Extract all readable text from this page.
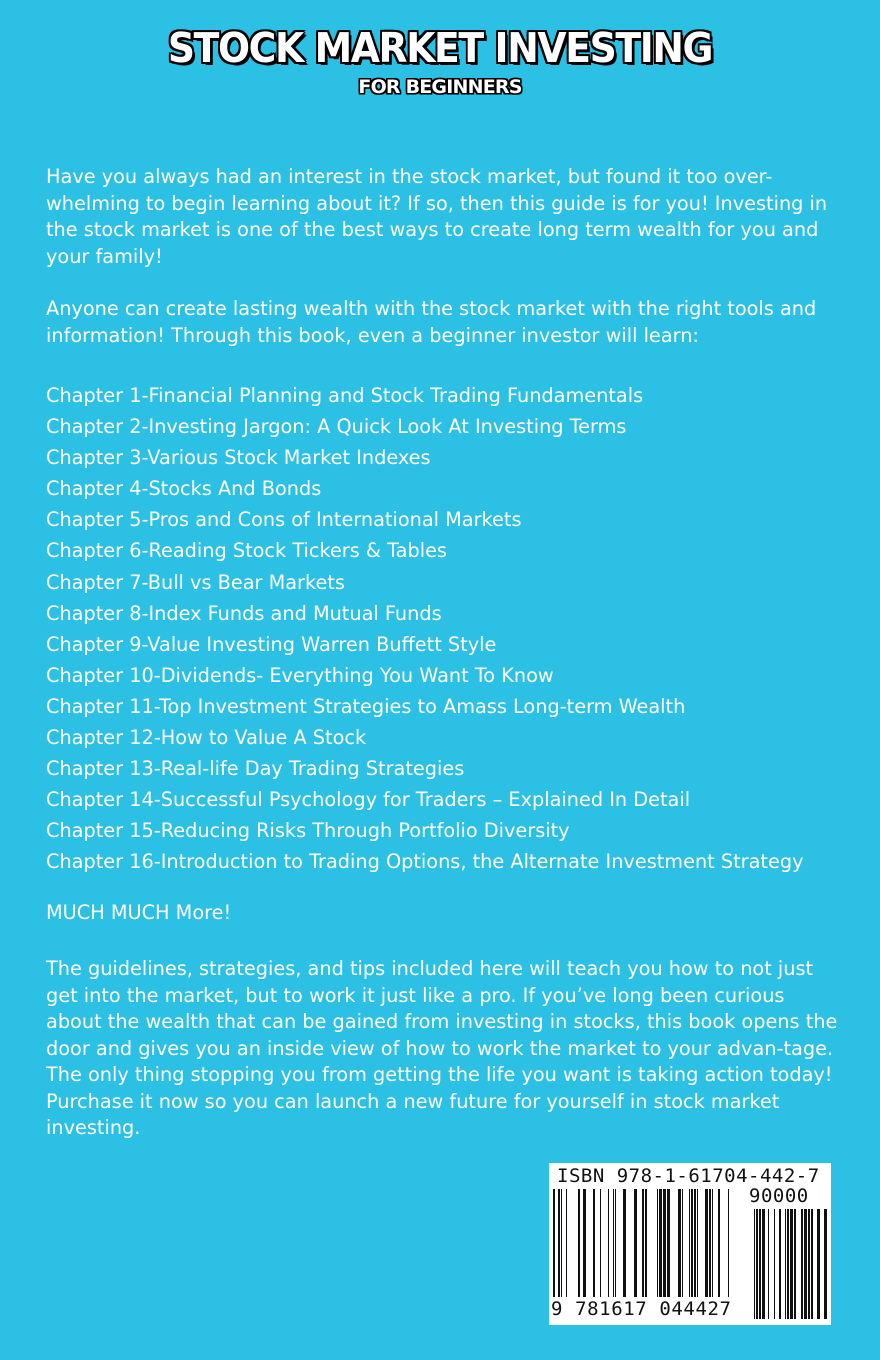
STOCK MARKET INVESTING
FOR BEGINNERS

Have you always had an interest in the stock market, but found it too over-whelming to begin learning about it? If so, then this guide is for you! Investing in the stock market is one of the best ways to create long term wealth for you and your family!

Anyone can create lasting wealth with the stock market with the right tools and information! Through this book, even a beginner investor will learn:

Chapter 1-Financial Planning and Stock Trading Fundamentals
Chapter 2-Investing Jargon: A Quick Look At Investing Terms
Chapter 3-Various Stock Market Indexes
Chapter 4-Stocks And Bonds
Chapter 5-Pros and Cons of International Markets
Chapter 6-Reading Stock Tickers & Tables
Chapter 7-Bull vs Bear Markets
Chapter 8-Index Funds and Mutual Funds
Chapter 9-Value Investing Warren Buffett Style
Chapter 10-Dividends- Everything You Want To Know
Chapter 11-Top Investment Strategies to Amass Long-term Wealth
Chapter 12-How to Value A Stock
Chapter 13-Real-life Day Trading Strategies
Chapter 14-Successful Psychology for Traders – Explained In Detail
Chapter 15-Reducing Risks Through Portfolio Diversity
Chapter 16-Introduction to Trading Options, the Alternate Investment Strategy

MUCH MUCH More!

The guidelines, strategies, and tips included here will teach you how to not just get into the market, but to work it just like a pro. If you’ve long been curious about the wealth that can be gained from investing in stocks, this book opens the door and gives you an inside view of how to work the market to your advan-tage. The only thing stopping you from getting the life you want is taking action today! Purchase it now so you can launch a new future for yourself in stock market investing.

ISBN 978-1-61704-442-7
90000
9 781617 044427
